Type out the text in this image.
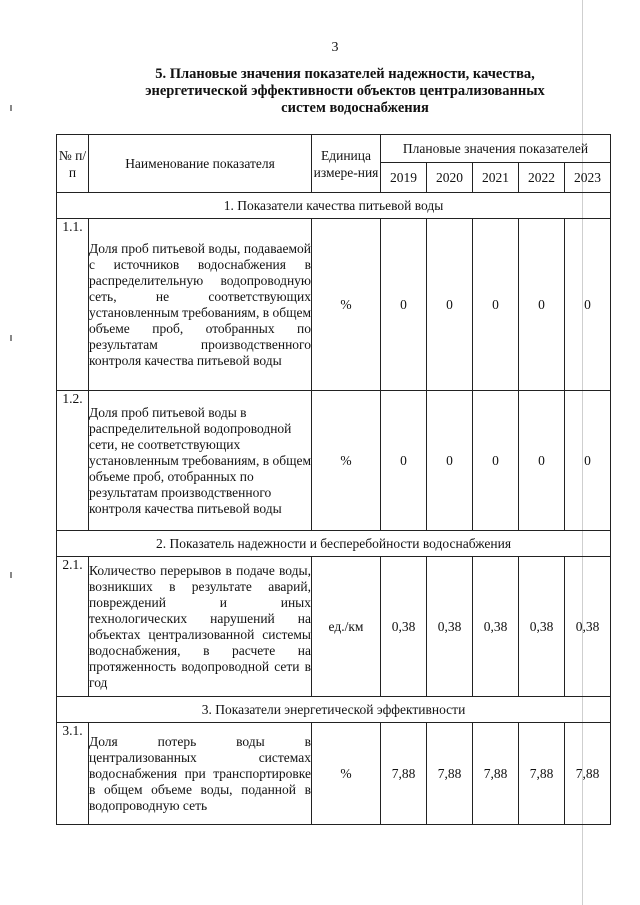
3
5. Плановые значения показателей надежности, качества,
энергетической эффективности объектов централизованных
систем водоснабжения
№ п/п	Наименование показателя	Единица измере-ния	Плановые значения показателей				
			2019	2020	2021	2022	2023
1. Показатели качества питьевой воды							
1.1.	Доля проб питьевой воды, подаваемой с источников водоснабжения в распределительную водопроводную сеть, не соответствующих установленным требованиям, в общем объеме проб, отобранных по результатам производственного контроля качества питьевой воды	%	0	0	0	0	0
1.2.	Доля проб питьевой воды в распределительной водопроводной сети, не соответствующих установленным требованиям, в общем объеме проб, отобранных по результатам производственного контроля качества питьевой воды	%	0	0	0	0	0
2. Показатель надежности и бесперебойности водоснабжения							
2.1.	Количество перерывов в подаче воды, возникших в результате аварий, повреждений и иных технологических нарушений на объектах централизованной системы водоснабжения, в расчете на протяженность водопроводной сети в год	ед./км	0,38	0,38	0,38	0,38	0,38
3. Показатели энергетической эффективности							
3.1.	Доля потерь воды в централизованных системах водоснабжения при транспортировке в общем объеме воды, поданной в водопроводную сеть	%	7,88	7,88	7,88	7,88	7,88
